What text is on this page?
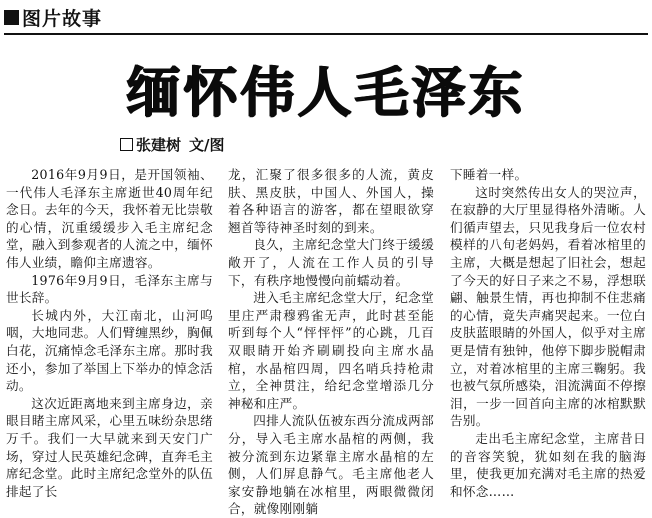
图片故事
缅怀伟人毛泽东
张建树 文/图

2016年9月9日，是开国领袖、一代伟人毛泽东主席逝世40周年纪念日。去年的今天，我怀着无比崇敬的心情，沉重缓缓步入毛主席纪念堂，融入到参观者的人流之中，缅怀伟人业绩，瞻仰主席遗容。

1976年9月9日，毛泽东主席与世长辞。

长城内外，大江南北，山河呜咽，大地同悲。人们臂缠黑纱，胸佩白花，沉痛悼念毛泽东主席。那时我还小，参加了举国上下举办的悼念活动。

这次近距离地来到主席身边，亲眼目睹主席风采，心里五味纷杂思绪万千。我们一大早就来到天安门广场，穿过人民英雄纪念碑，直奔毛主席纪念堂。此时主席纪念堂外的队伍排起了长

龙，汇聚了很多很多的人流，黄皮肤、黑皮肤，中国人、外国人，操着各种语言的游客，都在望眼欲穿翘首等待神圣时刻的到来。

良久，主席纪念堂大门终于缓缓敞开了，人流在工作人员的引导下，有秩序地慢慢向前蠕动着。

进入毛主席纪念堂大厅，纪念堂里庄严肃穆鸦雀无声，此时甚至能听到每个人“怦怦怦”的心跳，几百双眼睛开始齐刷刷投向主席水晶棺，水晶棺四周，四名哨兵持枪肃立，全神贯注，给纪念堂增添几分神秘和庄严。

四排人流队伍被东西分流成两部分，导入毛主席水晶棺的两侧，我被分流到东边紧靠主席水晶棺的左侧，人们屏息静气。毛主席他老人家安静地躺在冰棺里，两眼微微闭合，就像刚刚躺

下睡着一样。

这时突然传出女人的哭泣声，在寂静的大厅里显得格外清晰。人们循声望去，只见我身后一位农村模样的八旬老妈妈，看着冰棺里的主席，大概是想起了旧社会，想起了今天的好日子来之不易，浮想联翩、触景生情，再也抑制不住悲痛的心情，竟失声痛哭起来。一位白皮肤蓝眼睛的外国人，似乎对主席更是情有独钟，他停下脚步脱帽肃立，对着冰棺里的主席三鞠躬。我也被气氛所感染，泪流满面不停擦泪，一步一回首向主席的冰棺默默告别。

走出毛主席纪念堂，主席昔日的音容笑貌，犹如刻在我的脑海里，使我更加充满对毛主席的热爱和怀念……
